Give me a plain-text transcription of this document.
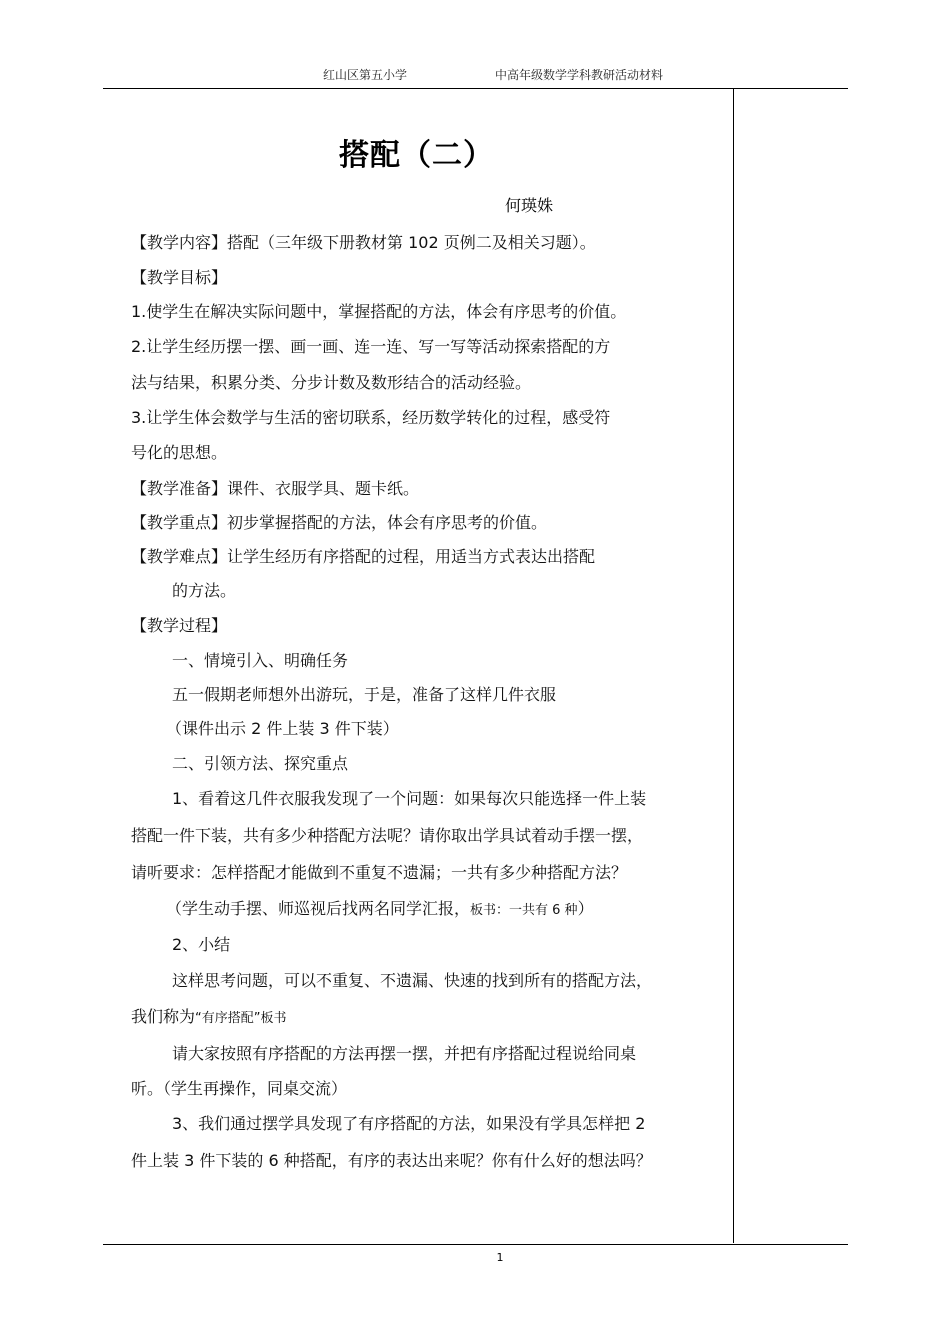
红山区第五小学	中高年级数学学科教研活动材料
搭配（二）
何瑛姝
【教学内容】搭配（三年级下册教材第 102 页例二及相关习题）。
【教学目标】
1.使学生在解决实际问题中，掌握搭配的方法，体会有序思考的价值。
2.让学生经历摆一摆、画一画、连一连、写一写等活动探索搭配的方
法与结果，积累分类、分步计数及数形结合的活动经验。
3.让学生体会数学与生活的密切联系，经历数学转化的过程，感受符
号化的思想。
【教学准备】课件、衣服学具、题卡纸。
【教学重点】初步掌握搭配的方法，体会有序思考的价值。
【教学难点】让学生经历有序搭配的过程，用适当方式表达出搭配
的方法。
【教学过程】
一、情境引入、明确任务
五一假期老师想外出游玩，于是，准备了这样几件衣服
（课件出示 2 件上装 3 件下装）
二、引领方法、探究重点
1、看着这几件衣服我发现了一个问题：如果每次只能选择一件上装
搭配一件下装，共有多少种搭配方法呢？请你取出学具试着动手摆一摆，
请听要求：怎样搭配才能做到不重复不遗漏；一共有多少种搭配方法？
（学生动手摆、师巡视后找两名同学汇报，板书：一共有 6 种）
2、小结
这样思考问题，可以不重复、不遗漏、快速的找到所有的搭配方法，
我们称为“有序搭配”板书
请大家按照有序搭配的方法再摆一摆，并把有序搭配过程说给同桌
听。（学生再操作，同桌交流）
3、我们通过摆学具发现了有序搭配的方法，如果没有学具怎样把 2
件上装 3 件下装的 6 种搭配，有序的表达出来呢？你有什么好的想法吗？
1
